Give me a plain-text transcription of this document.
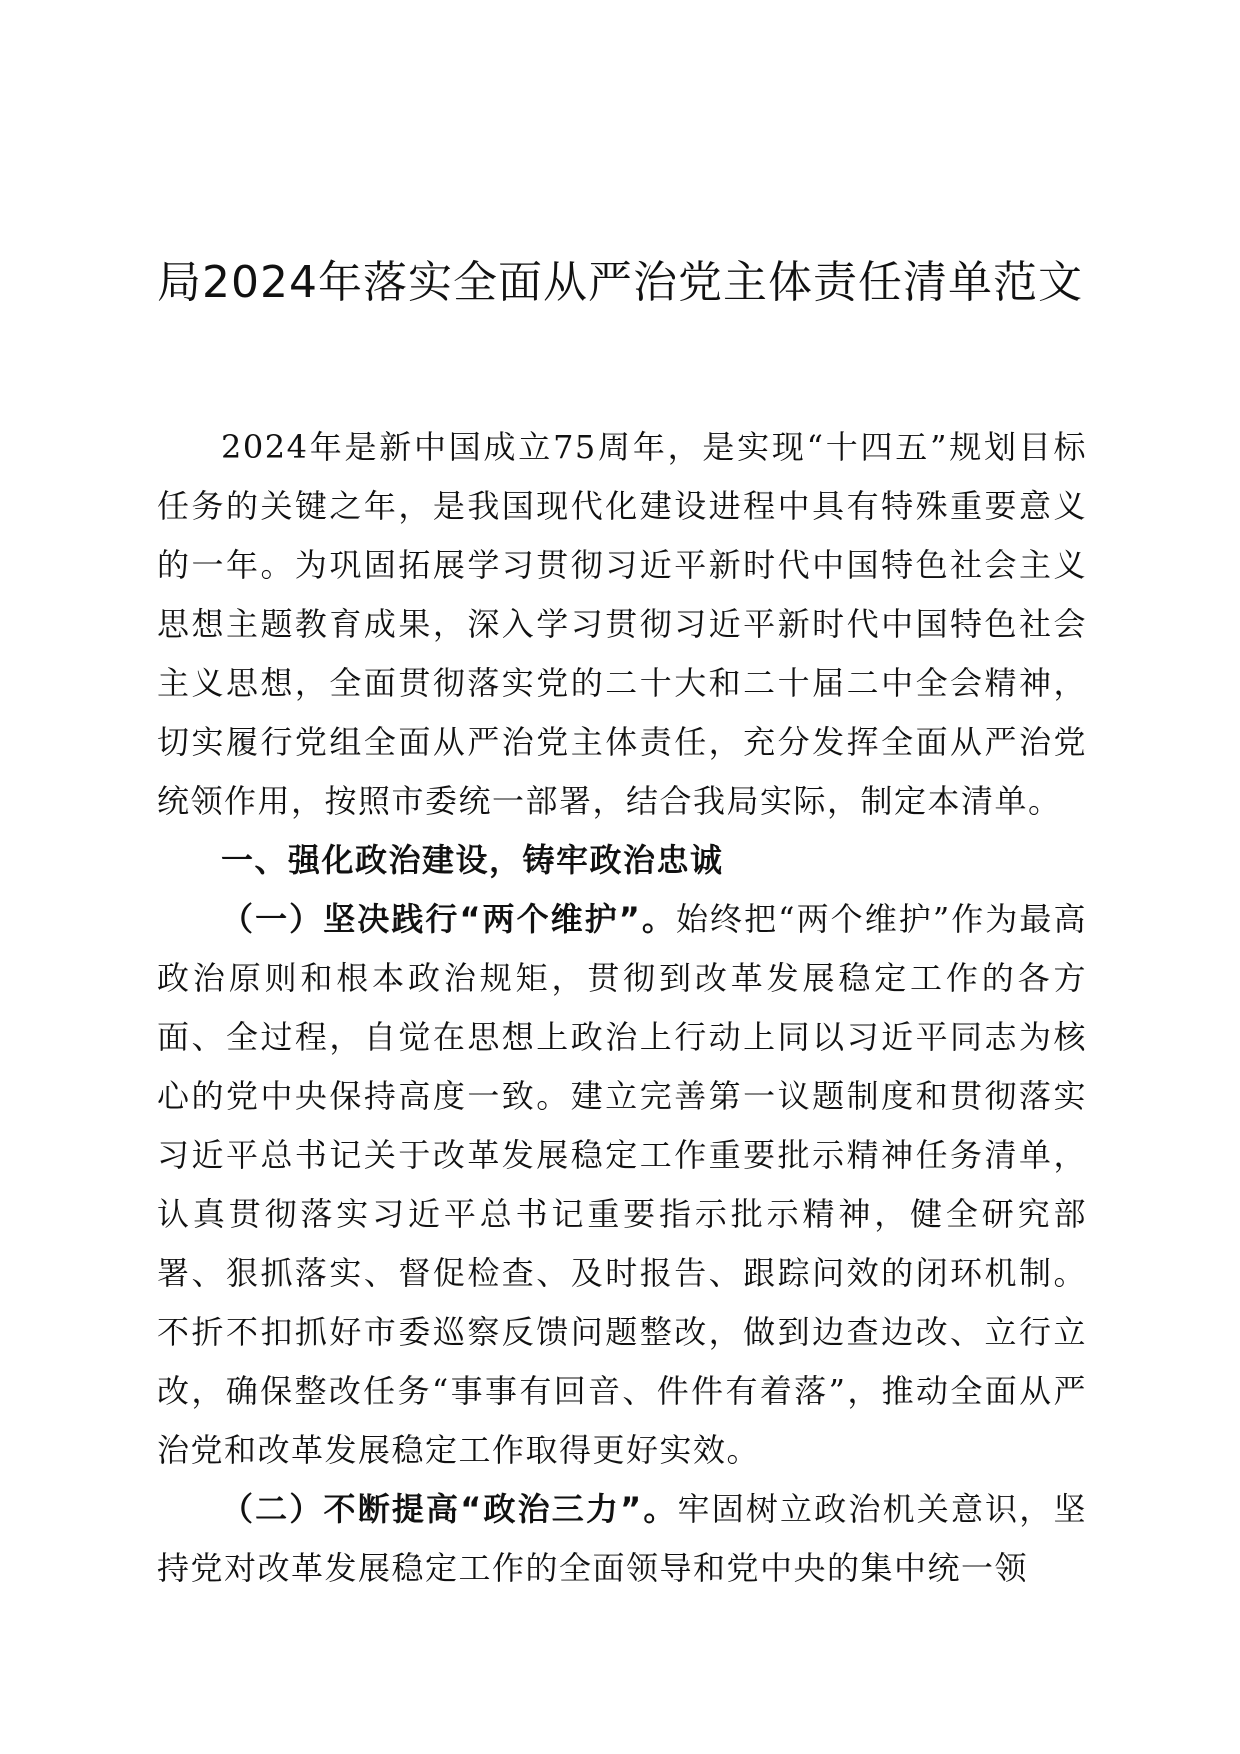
局2024年落实全面从严治党主体责任清单范文

2024年是新中国成立75周年，是实现“十四五”规划目标任务的关键之年，是我国现代化建设进程中具有特殊重要意义的一年。为巩固拓展学习贯彻习近平新时代中国特色社会主义思想主题教育成果，深入学习贯彻习近平新时代中国特色社会主义思想，全面贯彻落实党的二十大和二十届二中全会精神，切实履行党组全面从严治党主体责任，充分发挥全面从严治党统领作用，按照市委统一部署，结合我局实际，制定本清单。

一、强化政治建设，铸牢政治忠诚

（一）坚决践行“两个维护”。始终把“两个维护”作为最高政治原则和根本政治规矩，贯彻到改革发展稳定工作的各方面、全过程，自觉在思想上政治上行动上同以习近平同志为核心的党中央保持高度一致。建立完善第一议题制度和贯彻落实习近平总书记关于改革发展稳定工作重要批示精神任务清单，认真贯彻落实习近平总书记重要指示批示精神，健全研究部署、狠抓落实、督促检查、及时报告、跟踪问效的闭环机制。不折不扣抓好市委巡察反馈问题整改，做到边查边改、立行立改，确保整改任务“事事有回音、件件有着落”，推动全面从严治党和改革发展稳定工作取得更好实效。

（二）不断提高“政治三力”。牢固树立政治机关意识，坚持党对改革发展稳定工作的全面领导和党中央的集中统一领
